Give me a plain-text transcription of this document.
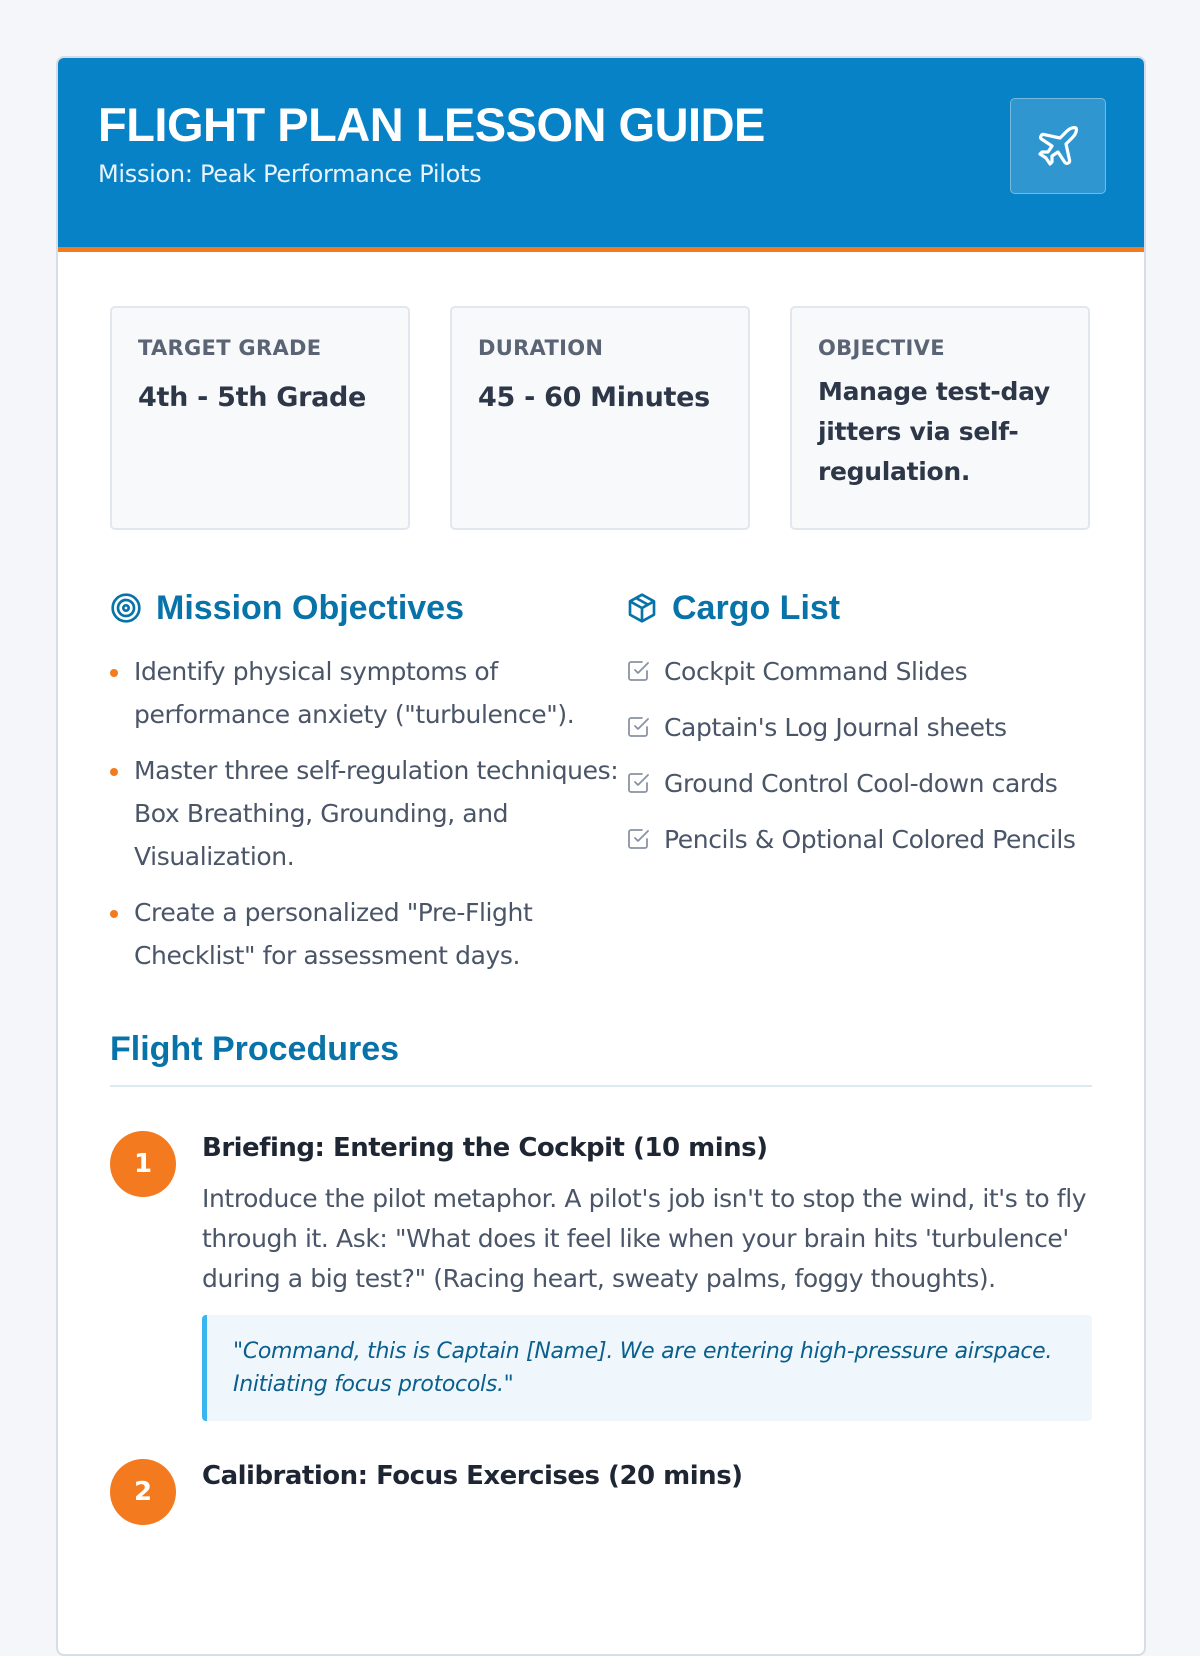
FLIGHT PLAN LESSON GUIDE
Mission: Peak Performance Pilots
TARGET GRADE
4th - 5th Grade
DURATION
45 - 60 Minutes
OBJECTIVE
Manage test-day jitters via self-regulation.
Mission Objectives
Identify physical symptoms of performance anxiety ("turbulence").
Master three self-regulation techniques: Box Breathing, Grounding, and Visualization.
Create a personalized "Pre-Flight Checklist" for assessment days.
Cargo List
Cockpit Command Slides
Captain's Log Journal sheets
Ground Control Cool-down cards
Pencils & Optional Colored Pencils
Flight Procedures
1
Briefing: Entering the Cockpit (10 mins)
Introduce the pilot metaphor. A pilot's job isn't to stop the wind, it's to fly through it. Ask: "What does it feel like when your brain hits 'turbulence' during a big test?" (Racing heart, sweaty palms, foggy thoughts).
"Command, this is Captain [Name]. We are entering high-pressure airspace. Initiating focus protocols."
2
Calibration: Focus Exercises (20 mins)
